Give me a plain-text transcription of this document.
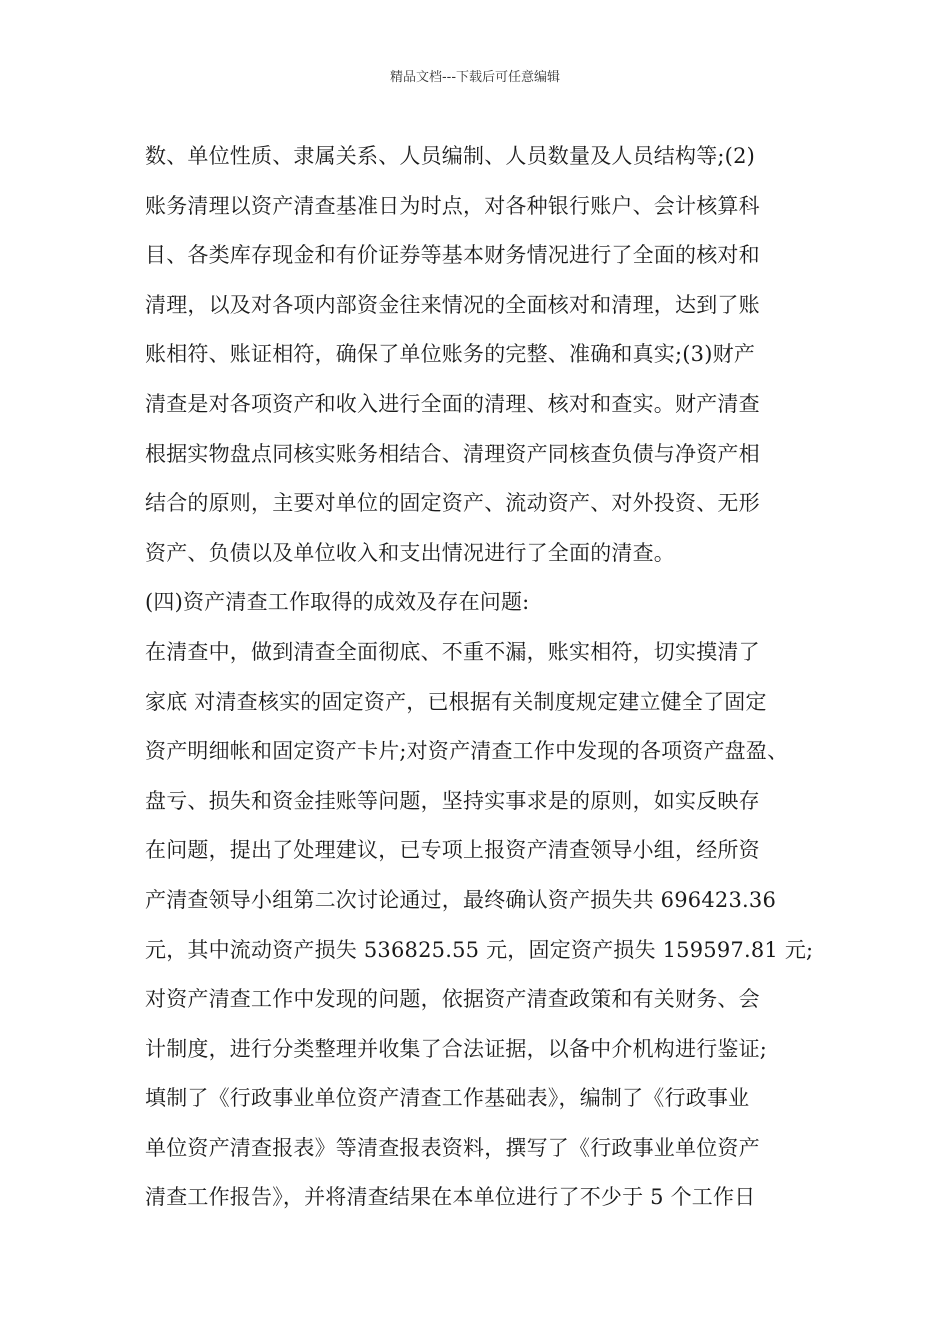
精品文档---下载后可任意编辑
数、单位性质、隶属关系、人员编制、人员数量及人员结构等;(2)
账务清理以资产清查基准日为时点，对各种银行账户、会计核算科
目、各类库存现金和有价证券等基本财务情况进行了全面的核对和
清理，以及对各项内部资金往来情况的全面核对和清理，达到了账
账相符、账证相符，确保了单位账务的完整、准确和真实;(3)财产
清查是对各项资产和收入进行全面的清理、核对和查实。财产清查
根据实物盘点同核实账务相结合、清理资产同核查负债与净资产相
结合的原则，主要对单位的固定资产、流动资产、对外投资、无形
资产、负债以及单位收入和支出情况进行了全面的清查。
(四)资产清查工作取得的成效及存在问题:
在清查中，做到清查全面彻底、不重不漏，账实相符，切实摸清了
家底 对清查核实的固定资产，已根据有关制度规定建立健全了固定
资产明细帐和固定资产卡片;对资产清查工作中发现的各项资产盘盈、
盘亏、损失和资金挂账等问题，坚持实事求是的原则，如实反映存
在问题，提出了处理建议，已专项上报资产清查领导小组，经所资
产清查领导小组第二次讨论通过，最终确认资产损失共 696423.36
元，其中流动资产损失 536825.55 元，固定资产损失 159597.81 元;
对资产清查工作中发现的问题，依据资产清查政策和有关财务、会
计制度，进行分类整理并收集了合法证据，以备中介机构进行鉴证;
填制了《行政事业单位资产清查工作基础表》，编制了《行政事业
单位资产清查报表》等清查报表资料，撰写了《行政事业单位资产
清查工作报告》，并将清查结果在本单位进行了不少于 5 个工作日
